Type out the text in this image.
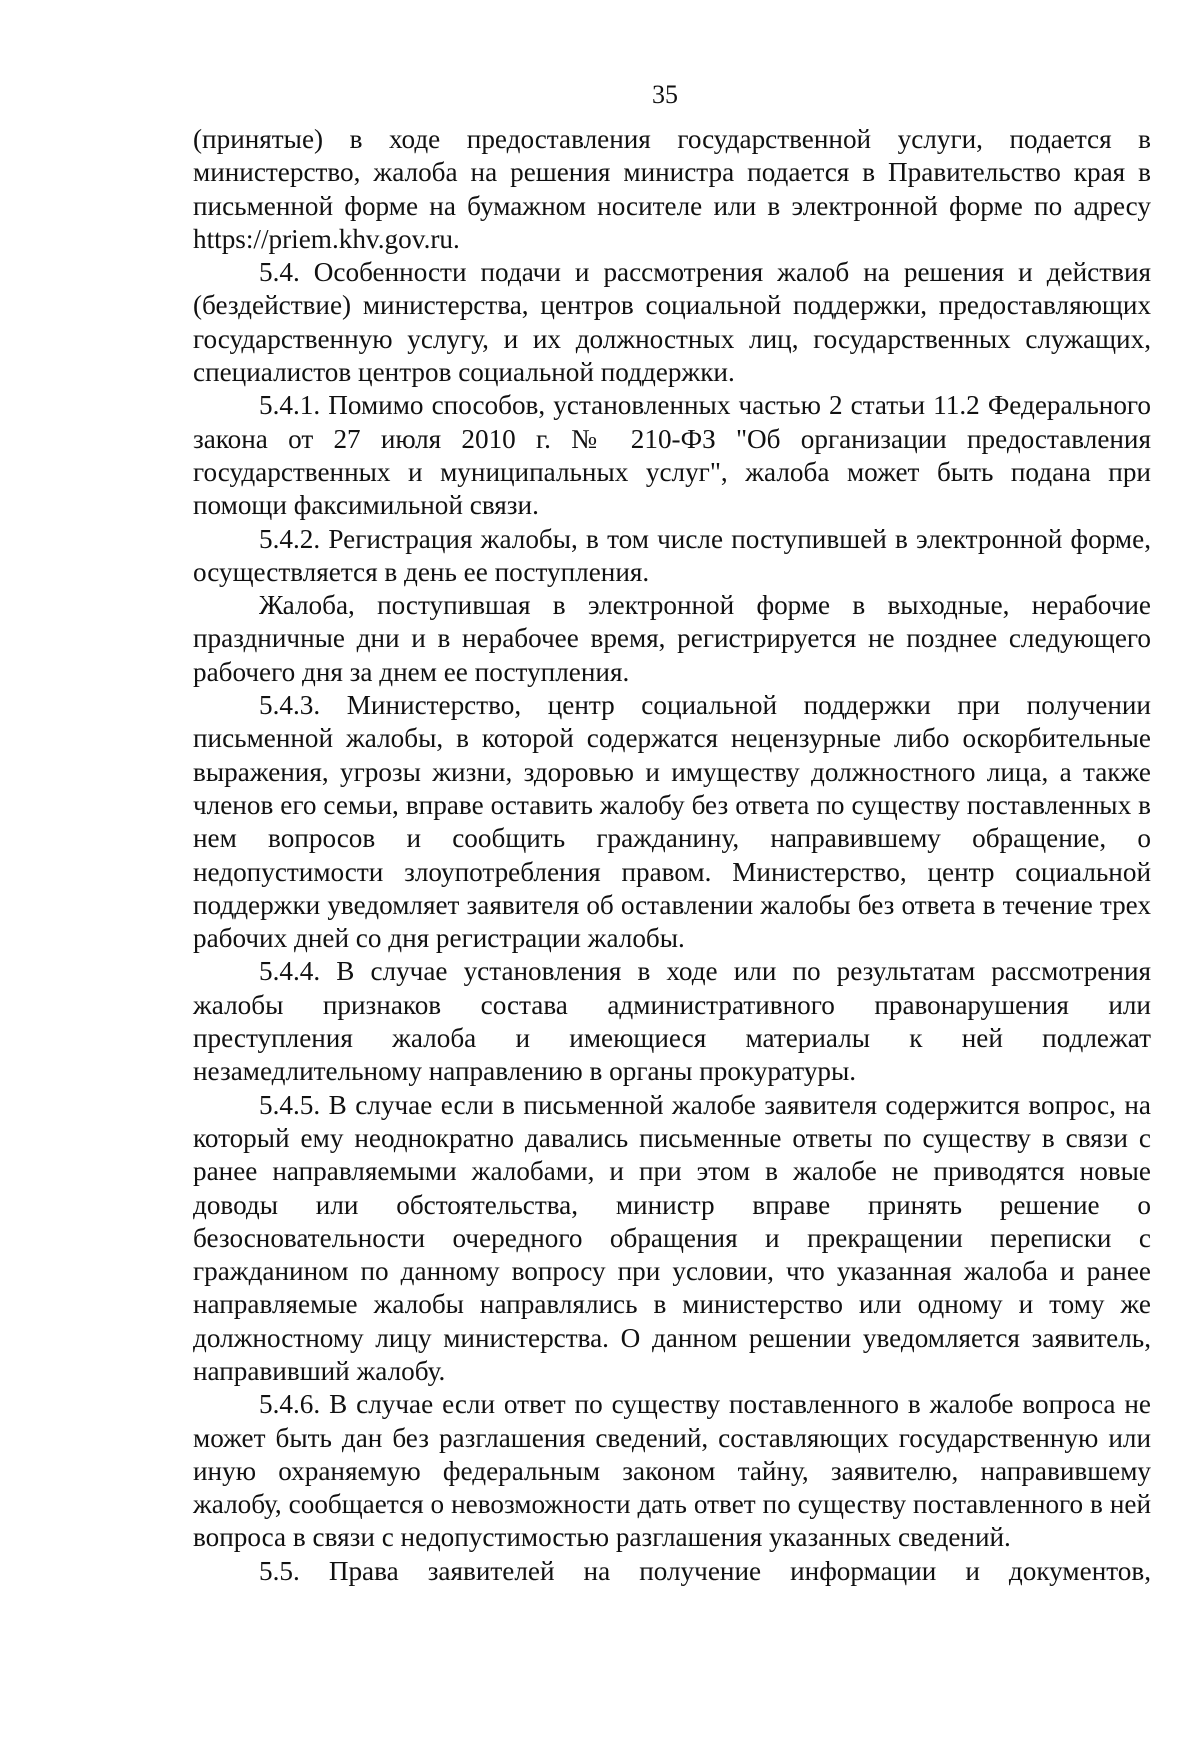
35

(принятые) в ходе предоставления государственной услуги, подается в министерство, жалоба на решения министра подается в Правительство края в письменной форме на бумажном носителе или в электронной форме по адресу https://priem.khv.gov.ru.

5.4. Особенности подачи и рассмотрения жалоб на решения и действия (бездействие) министерства, центров социальной поддержки, предоставляющих государственную услугу, и их должностных лиц, государственных служащих, специалистов центров социальной поддержки.

5.4.1. Помимо способов, установленных частью 2 статьи 11.2 Федерального закона от 27 июля 2010 г. № 210-ФЗ "Об организации предоставления государственных и муниципальных услуг", жалоба может быть подана при помощи факсимильной связи.

5.4.2. Регистрация жалобы, в том числе поступившей в электронной форме, осуществляется в день ее поступления.

Жалоба, поступившая в электронной форме в выходные, нерабочие праздничные дни и в нерабочее время, регистрируется не позднее следующего рабочего дня за днем ее поступления.

5.4.3. Министерство, центр социальной поддержки при получении письменной жалобы, в которой содержатся нецензурные либо оскорбительные выражения, угрозы жизни, здоровью и имуществу должностного лица, а также членов его семьи, вправе оставить жалобу без ответа по существу поставленных в нем вопросов и сообщить гражданину, направившему обращение, о недопустимости злоупотребления правом. Министерство, центр социальной поддержки уведомляет заявителя об оставлении жалобы без ответа в течение трех рабочих дней со дня регистрации жалобы.

5.4.4. В случае установления в ходе или по результатам рассмотрения жалобы признаков состава административного правонарушения или преступления жалоба и имеющиеся материалы к ней подлежат незамедлительному направлению в органы прокуратуры.

5.4.5. В случае если в письменной жалобе заявителя содержится вопрос, на который ему неоднократно давались письменные ответы по существу в связи с ранее направляемыми жалобами, и при этом в жалобе не приводятся новые доводы или обстоятельства, министр вправе принять решение о безосновательности очередного обращения и прекращении переписки с гражданином по данному вопросу при условии, что указанная жалоба и ранее направляемые жалобы направлялись в министерство или одному и тому же должностному лицу министерства. О данном решении уведомляется заявитель, направивший жалобу.

5.4.6. В случае если ответ по существу поставленного в жалобе вопроса не может быть дан без разглашения сведений, составляющих государственную или иную охраняемую федеральным законом тайну, заявителю, направившему жалобу, сообщается о невозможности дать ответ по существу поставленного в ней вопроса в связи с недопустимостью разглашения указанных сведений.

5.5. Права заявителей на получение информации и документов,
